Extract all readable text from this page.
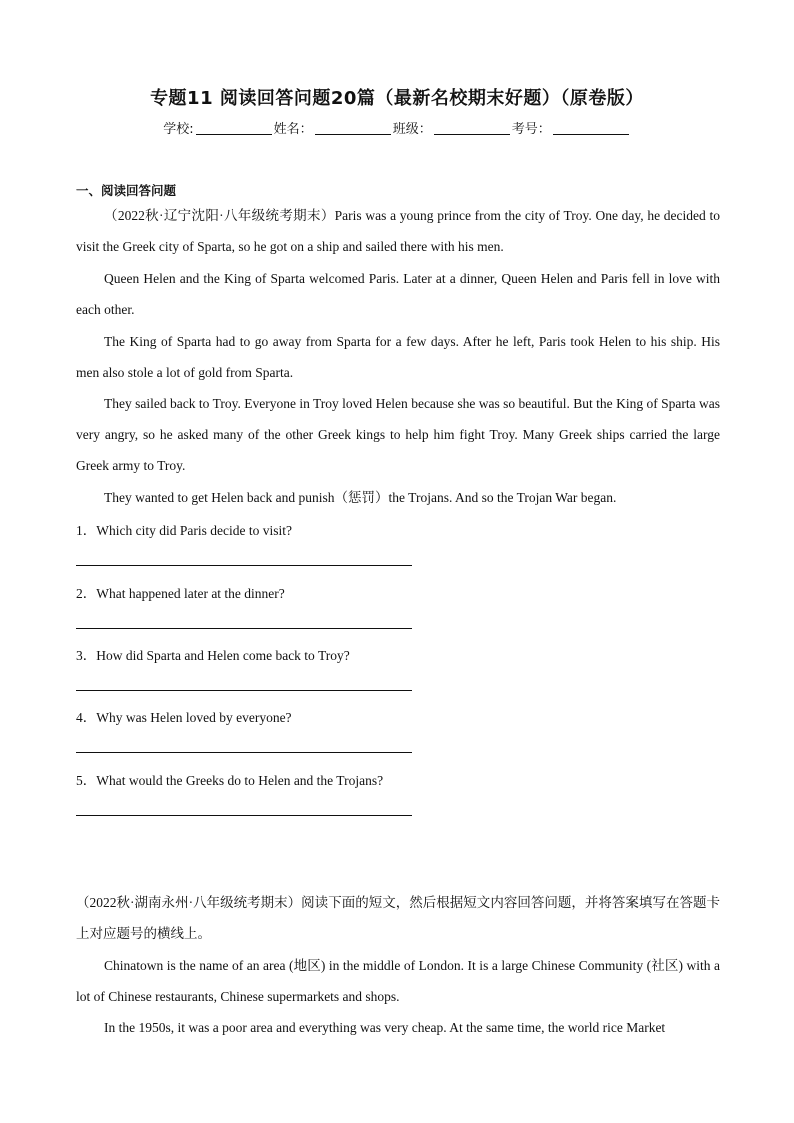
专题11 阅读回答问题20篇（最新名校期末好题）（原卷版）
学校:	姓名：	班级：	考号：
一、阅读回答问题
（2022秋·辽宁沈阳·八年级统考期末）Paris was a young prince from the city of Troy. One day, he decided to visit the Greek city of Sparta, so he got on a ship and sailed there with his men.
Queen Helen and the King of Sparta welcomed Paris. Later at a dinner, Queen Helen and Paris fell in love with each other.
The King of Sparta had to go away from Sparta for a few days. After he left, Paris took Helen to his ship. His men also stole a lot of gold from Sparta.
They sailed back to Troy. Everyone in Troy loved Helen because she was so beautiful. But the King of Sparta was very angry, so he asked many of the other Greek kings to help him fight Troy. Many Greek ships carried the large Greek army to Troy.
They wanted to get Helen back and punish（惩罚）the Trojans. And so the Trojan War began.
1．Which city did Paris decide to visit?
2．What happened later at the dinner?
3．How did Sparta and Helen come back to Troy?
4．Why was Helen loved by everyone?
5．What would the Greeks do to Helen and the Trojans?
（2022秋·湖南永州·八年级统考期末）阅读下面的短文，然后根据短文内容回答问题，并将答案填写在答题卡上对应题号的横线上。
Chinatown is the name of an area (地区) in the middle of London. It is a large Chinese Community (社区) with a lot of Chinese restaurants, Chinese supermarkets and shops.
In the 1950s, it was a poor area and everything was very cheap. At the same time, the world rice Market
